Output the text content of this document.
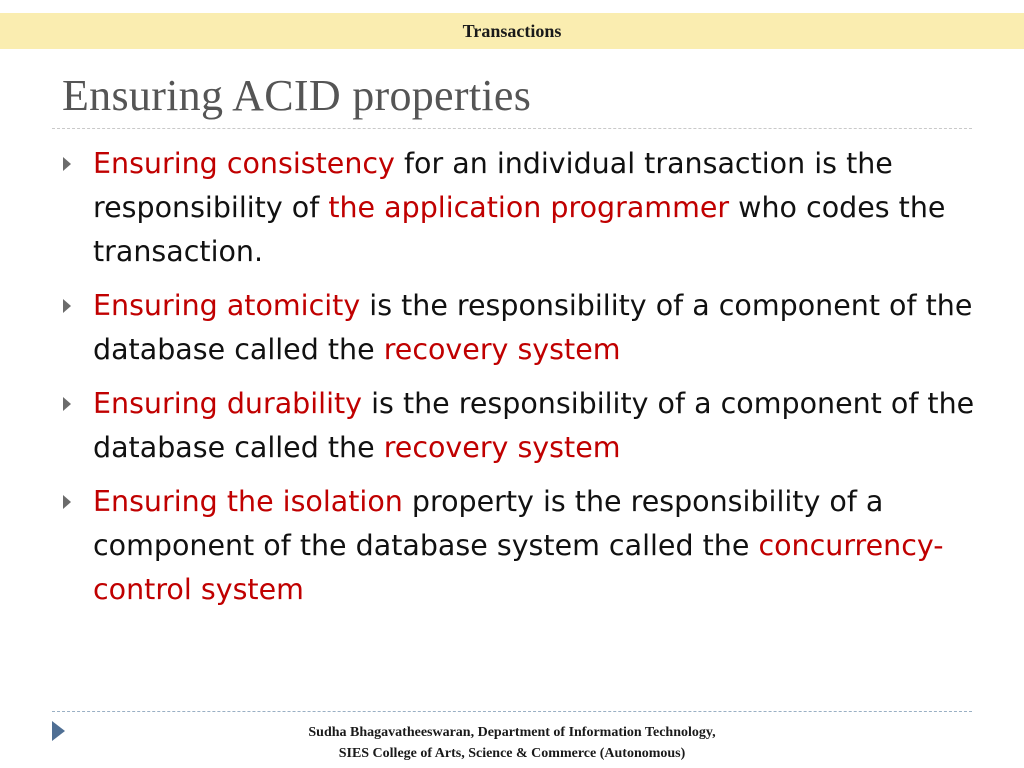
Transactions
Ensuring ACID properties
Ensuring consistency for an individual transaction is the responsibility of the application programmer who codes the transaction.
Ensuring atomicity is the responsibility of a component of the database called the recovery system
Ensuring durability is the responsibility of a component of the database called the recovery system
Ensuring the isolation property is the responsibility of a component of the database system called the concurrency-control system
Sudha Bhagavatheeswaran, Department of Information Technology,
SIES College of Arts, Science & Commerce (Autonomous)
